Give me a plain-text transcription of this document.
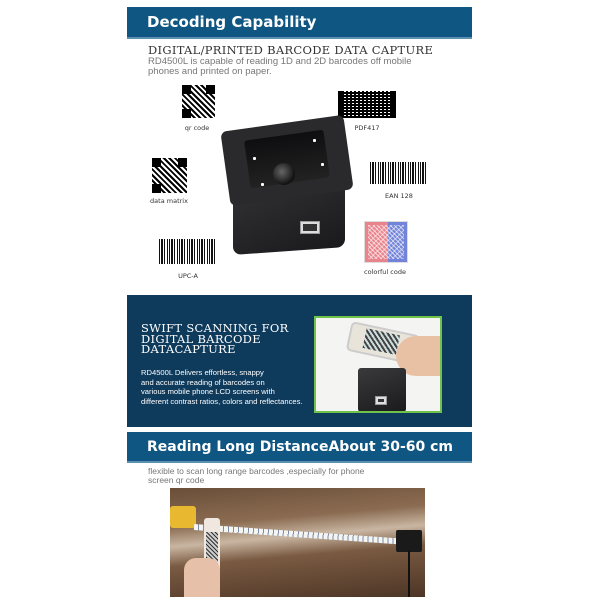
Decoding Capability
DIGITAL/PRINTED BARCODE DATA CAPTURE
RD4500L is capable of reading 1D and 2D barcodes off mobile phones and printed on paper.
qr code	PDF417
data matrix
EAN 128
UPC-A	colorful code
SWIFT SCANNING FOR
DIGITAL BARCODE
DATACAPTURE
RD4500L Delivers effortless, snappy
and accurate reading of barcodes on
various mobile phone LCD screens with
different contrast ratios, colors and reflectances.
Reading Long DistanceAbout 30-60 cm
flexible to scan long range barcodes ,especially for phone
screen qr code
